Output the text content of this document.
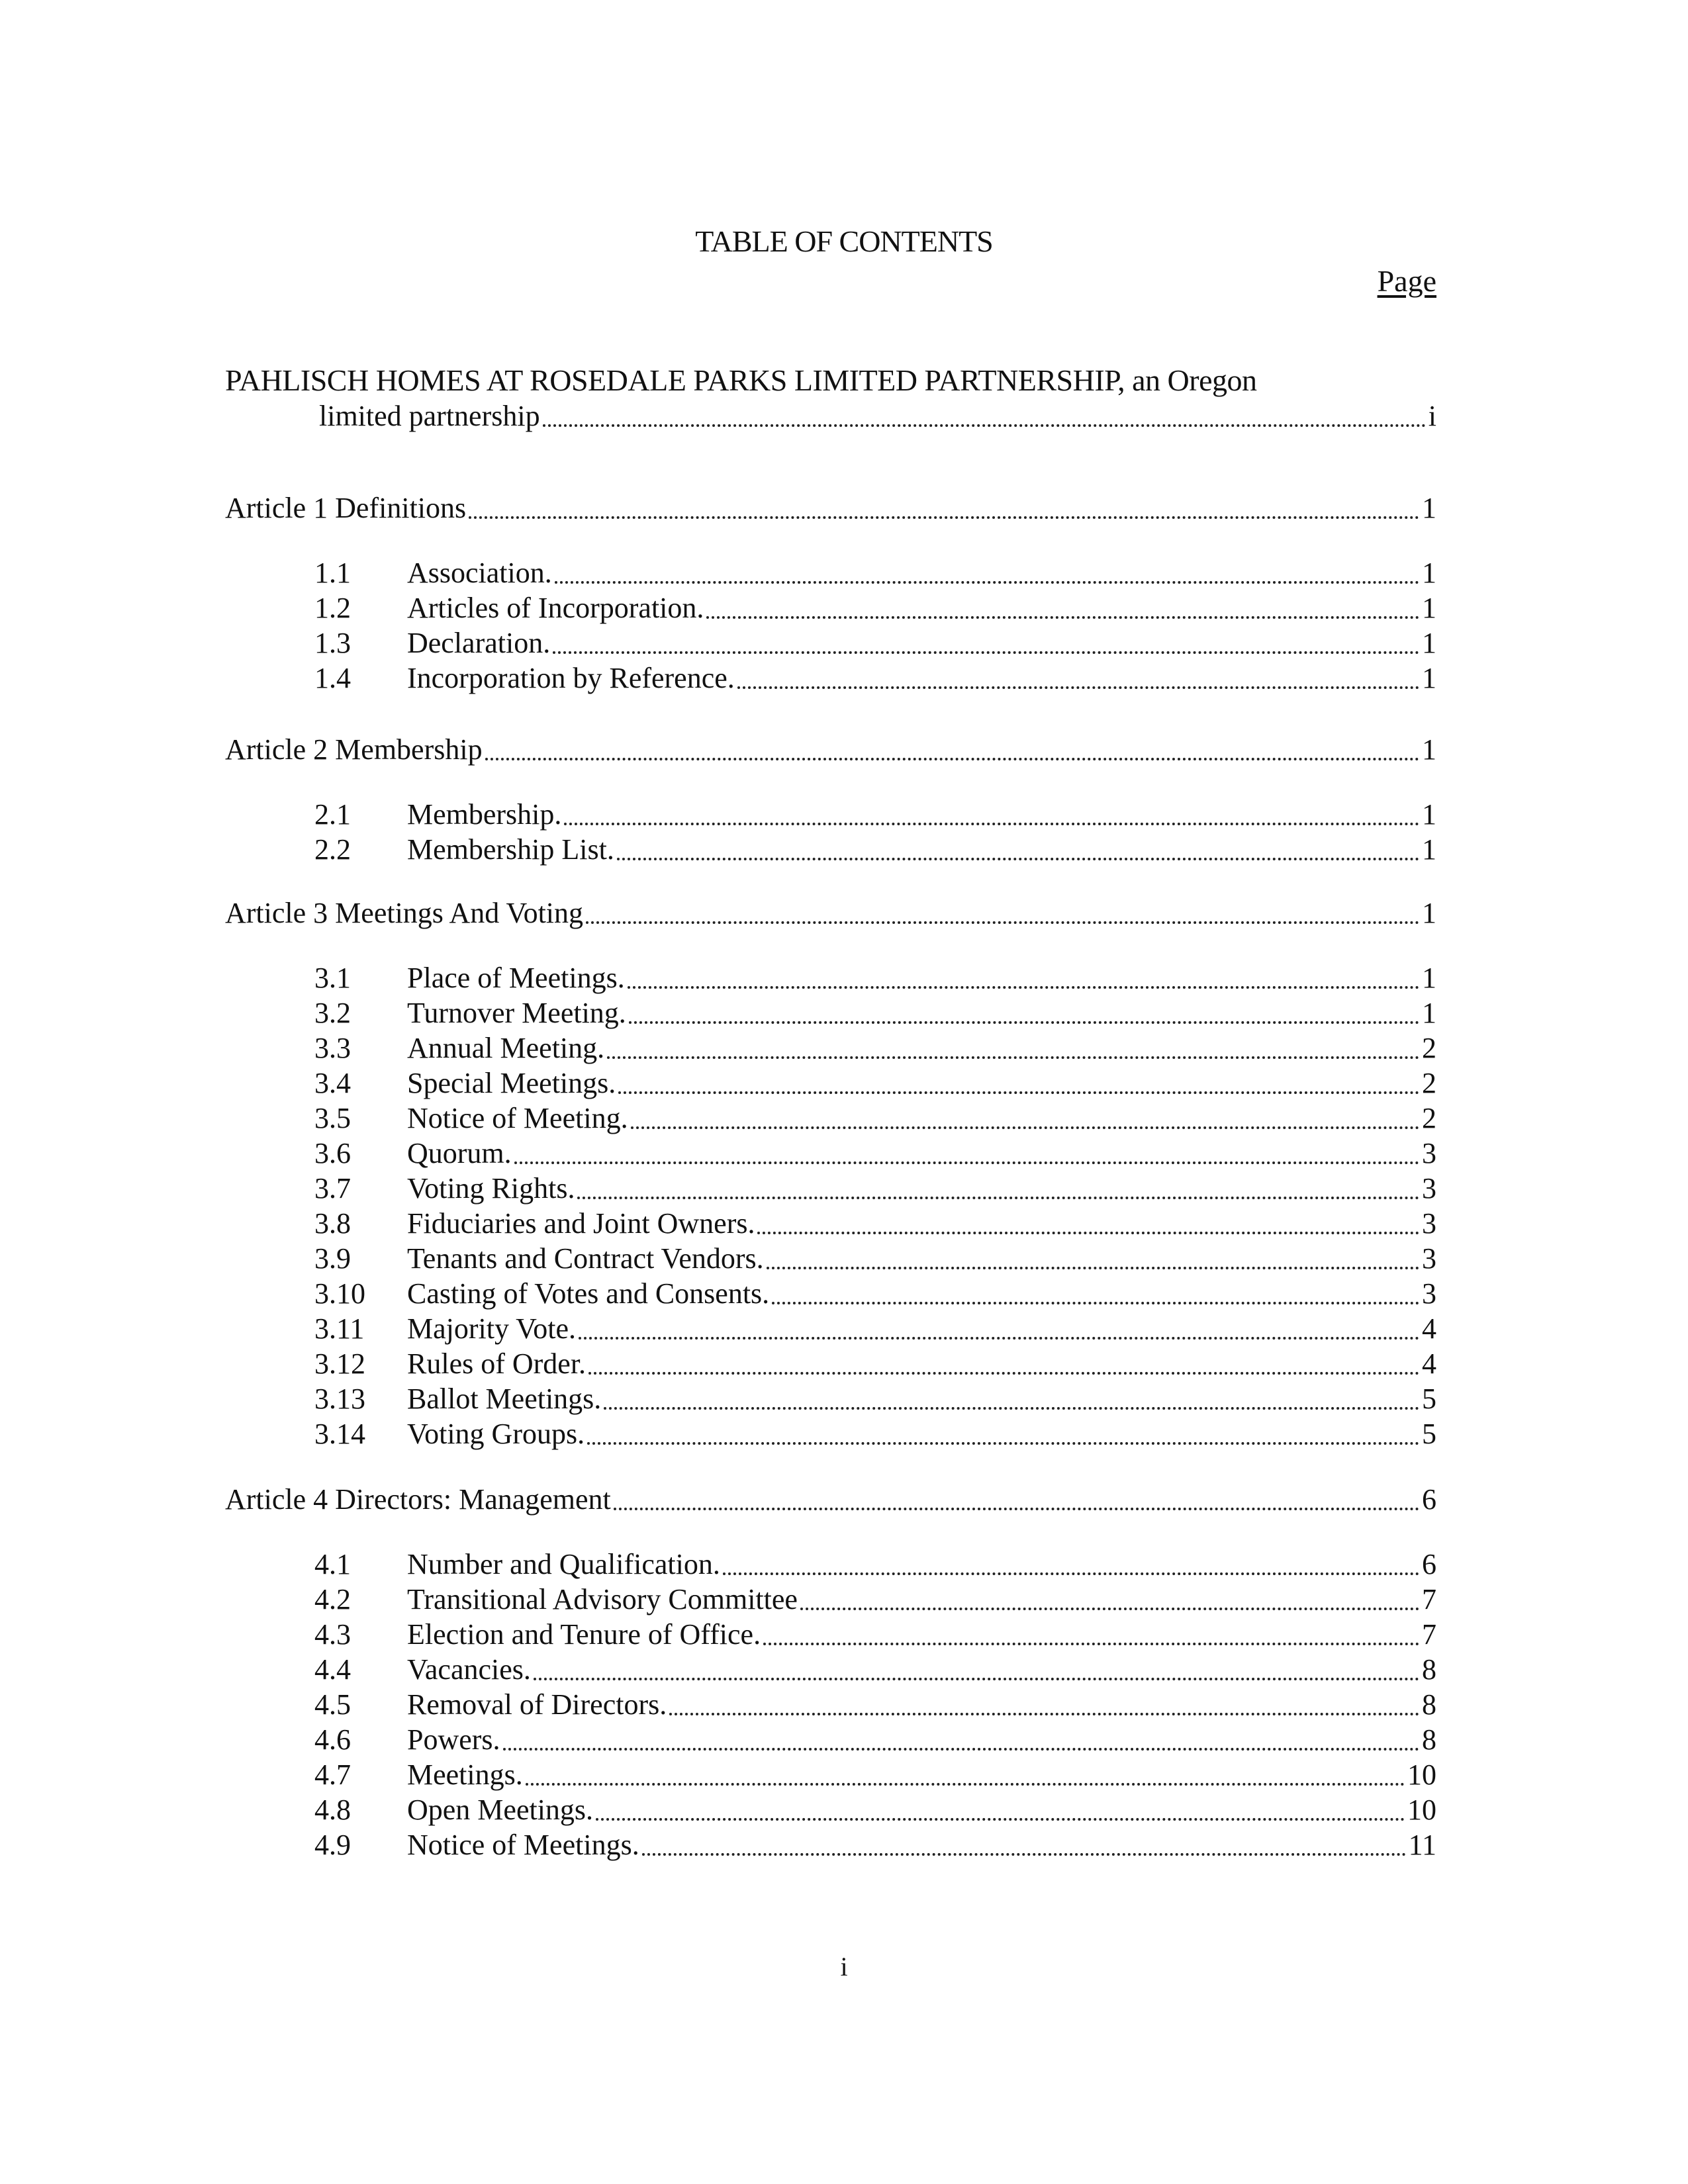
TABLE OF CONTENTS
Page
PAHLISCH HOMES AT ROSEDALE PARKS LIMITED PARTNERSHIP, an Oregon
limited partnership	i
Article 1 Definitions	1
1.1	Association.	1
1.2	Articles of Incorporation.	1
1.3	Declaration.	1
1.4	Incorporation by Reference.	1
Article 2 Membership	1
2.1	Membership.	1
2.2	Membership List.	1
Article 3 Meetings And Voting	1
3.1	Place of Meetings.	1
3.2	Turnover Meeting.	1
3.3	Annual Meeting.	2
3.4	Special Meetings.	2
3.5	Notice of Meeting.	2
3.6	Quorum.	3
3.7	Voting Rights.	3
3.8	Fiduciaries and Joint Owners.	3
3.9	Tenants and Contract Vendors.	3
3.10	Casting of Votes and Consents.	3
3.11	Majority Vote.	4
3.12	Rules of Order.	4
3.13	Ballot Meetings.	5
3.14	Voting Groups.	5
Article 4 Directors: Management	6
4.1	Number and Qualification.	6
4.2	Transitional Advisory Committee	7
4.3	Election and Tenure of Office.	7
4.4	Vacancies.	8
4.5	Removal of Directors.	8
4.6	Powers.	8
4.7	Meetings.	10
4.8	Open Meetings.	10
4.9	Notice of Meetings.	11
i
